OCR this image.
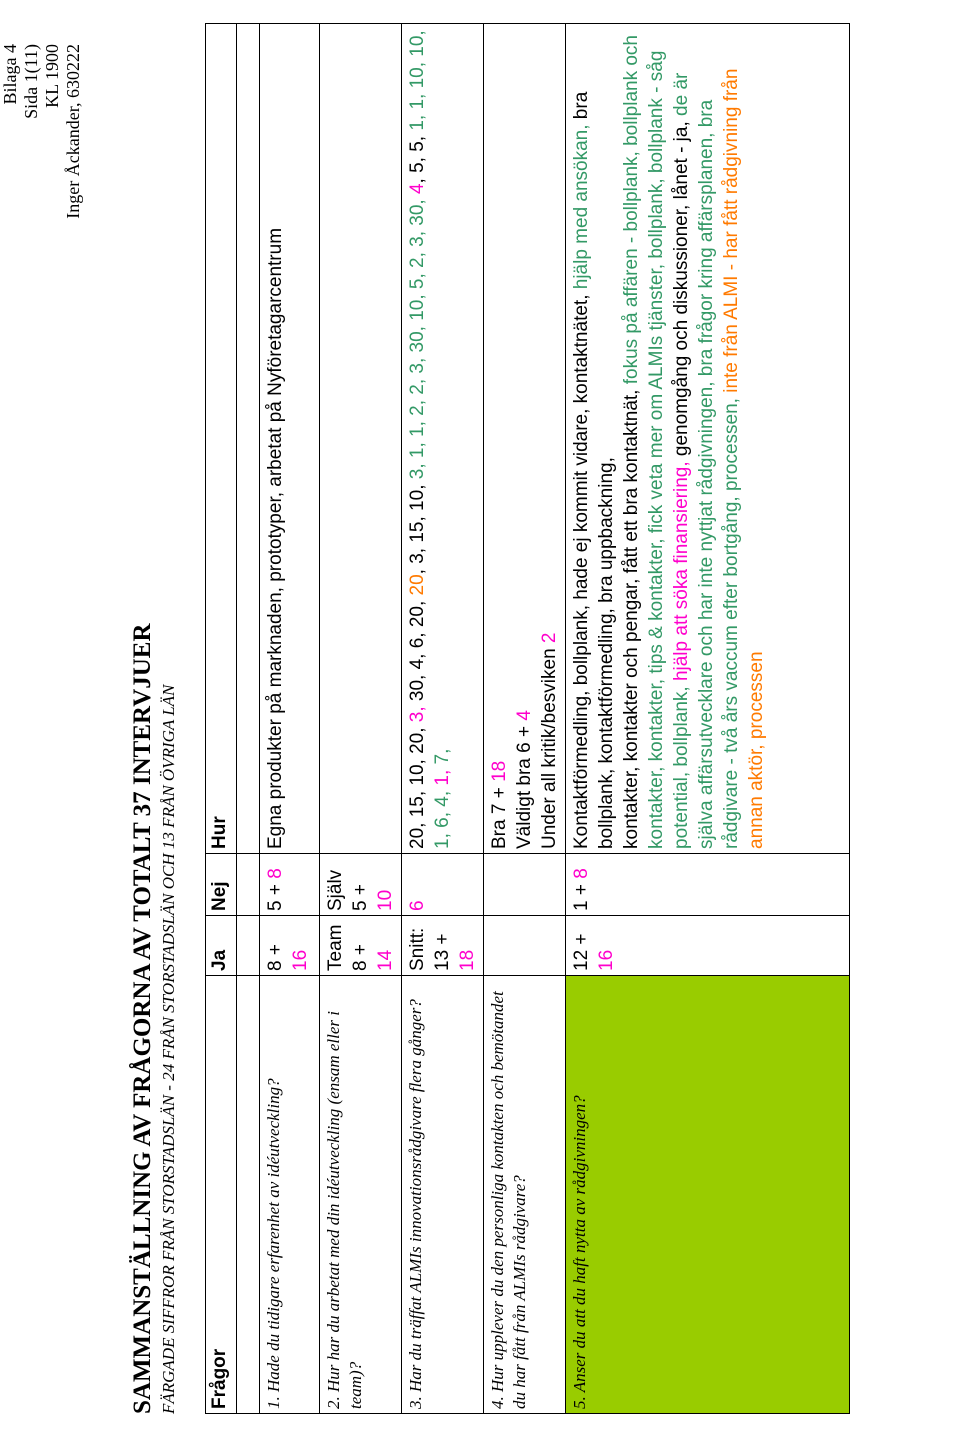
Bilaga 4 Sida 1(11) KL 1900 Inger Åckander, 630222

SAMMANSTÄLLNING AV FRÅGORNA AV TOTALT 37 INTERVJUER FÄRGADE SIFFROR FRÅN STORSTADSLÄN - 24 FRÅN STORSTADSLÄN OCH 13 FRÅN ÖVRIGA LÄN Frågor	Ja	Nej	Hur

1. Hade du tidigare erfarenhet av idéutveckling?	8 + 16	5 + 8	Egna produkter på marknaden, prototyper, arbetat på Nyföretagarcentrum
2. Hur har du arbetat med din idéutveckling (ensam eller i team)?	Team 8 + 14	Själv 5 + 10	
3. Har du träffat ALMIs innovationsrådgivare flera gånger?	Snitt: 13 + 18	6	20, 15, 10, 20, 3, 30, 4, 6, 20, 20, 3, 15, 10, 3, 1, 1, 2, 2, 3, 30, 10, 5, 2, 3, 30, 4, 5, 5, 1, 1, 10, 10, 1, 6, 4, 1, 7,
4. Hur upplever du den personliga kontakten och bemötandet du har fått från ALMIs rådgivare?			Bra 7 + 18 Väldigt bra 6 + 4 Under all kritik/besviken 2
5. Anser du att du haft nytta av rådgivningen?	12 + 16	1 + 8	Kontaktförmedling, bollplank, hade ej kommit vidare, kontaktnätet, hjälp med ansökan, bra bollplank, kontaktförmedling, bra uppbackning, kontakter, kontakter och pengar, fått ett bra kontaktnät, fokus på affären - bollplank, bollplank och kontakter, kontakter, tips & kontakter, fick veta mer om ALMIs tjänster, bollplank, bollplank - såg potential, bollplank, hjälp att söka finansiering, genomgång och diskussioner, lånet - ja, de är själva affärsutvecklare och har inte nyttjat rådgivningen, bra frågor kring affärsplanen, bra rådgivare - två års vaccum efter bortgång, processen, inte från ALMI - har fått rådgivning från annan aktör, processen
